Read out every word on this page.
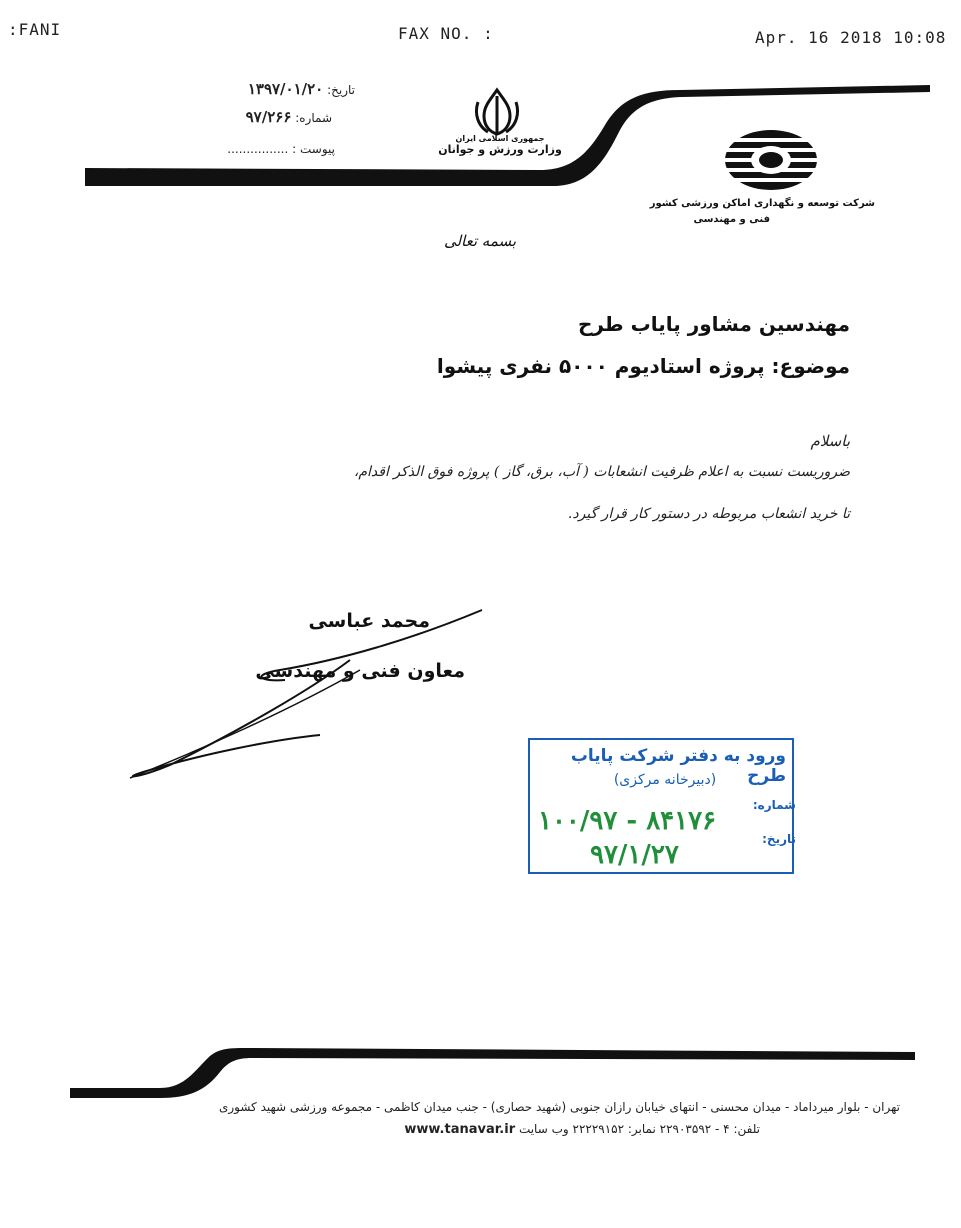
:FANI	FAX NO. :	Apr. 16 2018 10:08
جمهوری اسلامی ایران
وزارت ورزش و جوانان
شرکت توسعه و نگهداری اماکن ورزشی کشور
فنی و مهندسی
تاریخ: ۱۳۹۷/۰۱/۲۰
شماره: ۹۷/۲۶۶
پیوست : ................
بسمه تعالی
مهندسین مشاور پایاب طرح
موضوع: پروژه استادیوم ۵۰۰۰ نفری پیشوا
باسلام
ضروریست نسبت به اعلام ظرفیت انشعابات ( آب، برق، گاز ) پروژه فوق الذکر اقدام،
تا خرید انشعاب مربوطه در دستور کار قرار گیرد.
محمد عباسی
معاون فنی و مهندسی
ورود به دفتر شرکت پایاب طرح
(دبیرخانه مرکزی)
شماره:
تاریخ:
۱۰۰/۹۷ - ۸۴۱۷۶
۹۷/۱/۲۷
تهران - بلوار میرداماد - میدان محسنی - انتهای خیابان رازان جنوبی (شهید حصاری) - جنب میدان کاظمی - مجموعه ورزشی شهید کشوری
www.tanavar.ir تلفن: ۴ - ۲۲۹۰۳۵۹۲ نمابر: ۲۲۲۲۹۱۵۲ وب سایت
